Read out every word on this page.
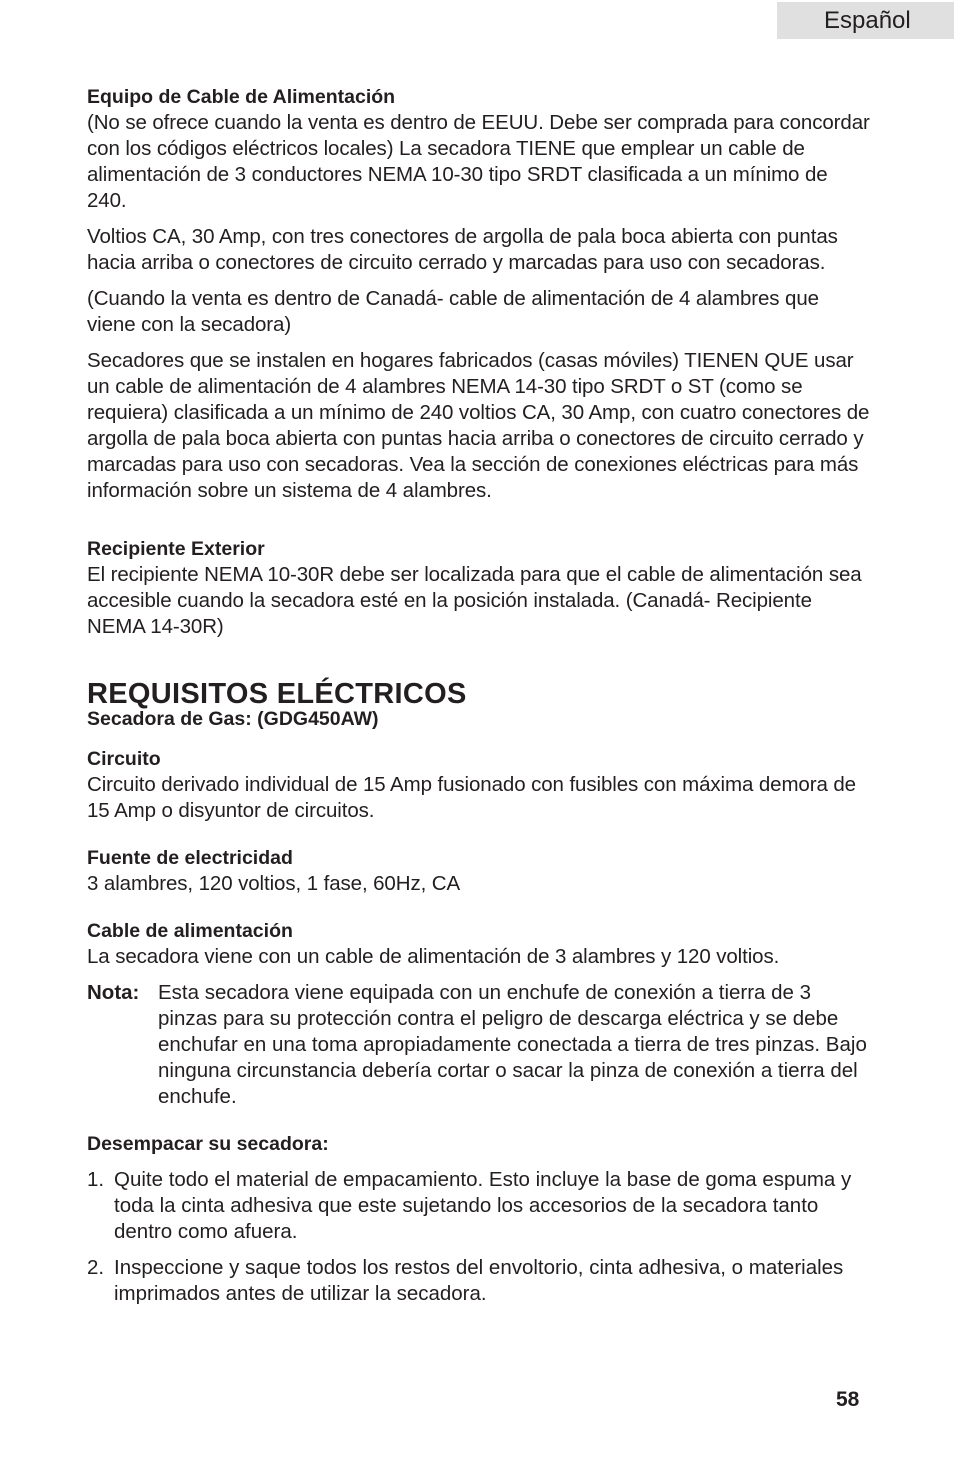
Español

Equipo de Cable de Alimentación

(No se ofrece cuando la venta es dentro de EEUU. Debe ser comprada para concordar con los códigos eléctricos locales) La secadora TIENE que emplear un cable de alimentación de 3 conductores NEMA 10-30 tipo SRDT clasificada a un mínimo de 240.

Voltios CA, 30 Amp, con tres conectores de argolla de pala boca abierta con puntas hacia arriba o conectores de circuito cerrado y marcadas para uso con secadoras.

(Cuando la venta es dentro de Canadá- cable de alimentación de 4 alambres que viene con la secadora)

Secadores que se instalen en hogares fabricados (casas móviles) TIENEN QUE usar un cable de alimentación de 4 alambres NEMA 14-30 tipo SRDT o ST (como se requiera) clasificada a un mínimo de 240 voltios CA, 30 Amp, con cuatro conectores de argolla de pala boca abierta con puntas hacia arriba o conectores de circuito cerrado y marcadas para uso con secadoras. Vea la sección de conexiones eléctricas para más información sobre un sistema de 4 alambres.

Recipiente Exterior

El recipiente NEMA 10-30R debe ser localizada para que el cable de alimentación sea accesible cuando la secadora esté en la posición instalada. (Canadá- Recipiente NEMA 14-30R)

REQUISITOS ELÉCTRICOS

Secadora de Gas: (GDG450AW)

Circuito

Circuito derivado individual de 15 Amp fusionado con fusibles con máxima demora de 15 Amp o disyuntor de circuitos.

Fuente de electricidad

3 alambres, 120 voltios, 1 fase, 60Hz, CA

Cable de alimentación

La secadora viene con un cable de alimentación de 3 alambres y 120 voltios.

Nota: Esta secadora viene equipada con un enchufe de conexión a tierra de 3 pinzas para su protección contra el peligro de descarga eléctrica y se debe enchufar en una toma apropiadamente conectada a tierra de tres pinzas. Bajo ninguna circunstancia debería cortar o sacar la pinza de conexión a tierra del enchufe.

Desempacar su secadora:

1. Quite todo el material de empacamiento. Esto incluye la base de goma espuma y toda la cinta adhesiva que este sujetando los accesorios de la secadora tanto dentro como afuera.
2. Inspeccione y saque todos los restos del envoltorio, cinta adhesiva, o materiales imprimados antes de utilizar la secadora.
58
